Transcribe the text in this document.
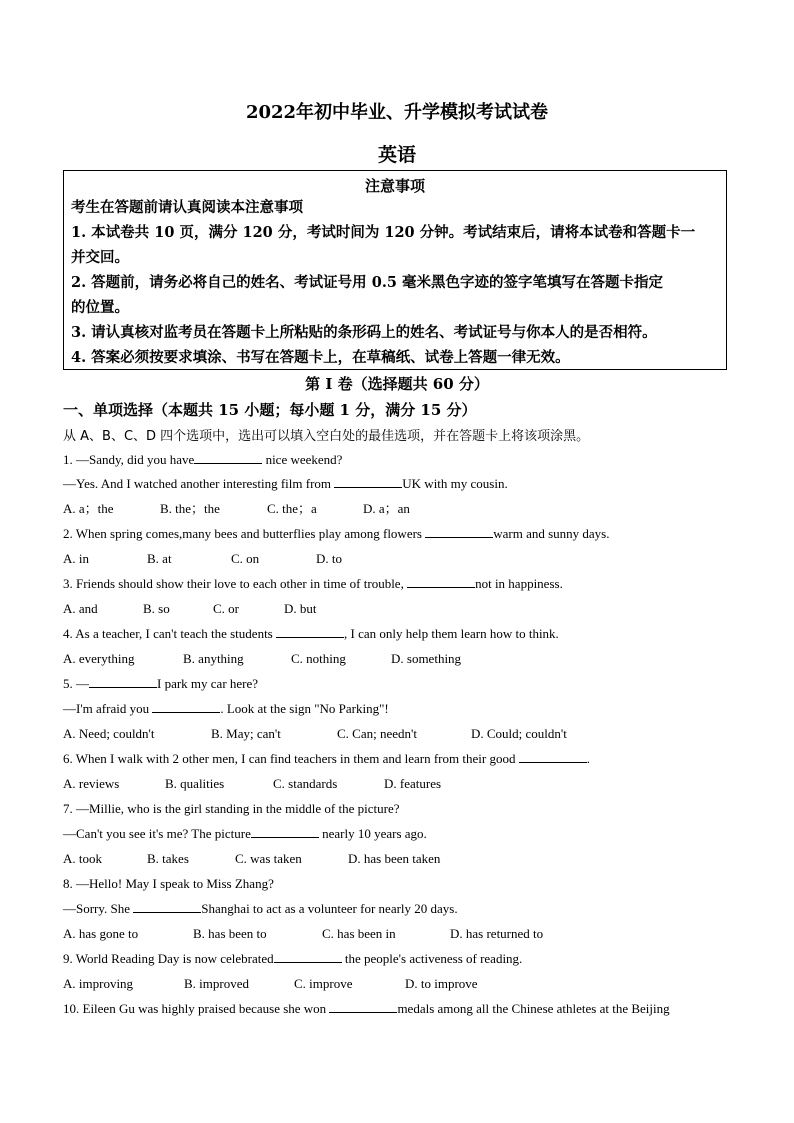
2022年初中毕业、升学模拟考试试卷
英语
注意事项
考生在答题前请认真阅读本注意事项
1. 本试卷共 10 页，满分 120 分，考试时间为 120 分钟。考试结束后，请将本试卷和答题卡一
并交回。
2. 答题前，请务必将自己的姓名、考试证号用 0.5 毫米黑色字迹的签字笔填写在答题卡指定
的位置。
3. 请认真核对监考员在答题卡上所粘贴的条形码上的姓名、考试证号与你本人的是否相符。
4. 答案必须按要求填涂、书写在答题卡上，在草稿纸、试卷上答题一律无效。
第 I 卷（选择题共 60 分）
一、单项选择（本题共 15 小题；每小题 1 分，满分 15 分）
从 A、B、C、D 四个选项中，选出可以填入空白处的最佳选项，并在答题卡上将该项涂黑。
1. —Sandy, did you have	nice weekend?
—Yes. And I watched another interesting film from	UK with my cousin.
A. a；the	B. the；the	C. the；a	D. a；an
2. When spring comes,many bees and butterflies play among flowers	warm and sunny days.
A. in	B. at	C. on	D. to
3. Friends should show their love to each other in time of trouble,	not in happiness.
A. and	B. so	C. or	D. but
4. As a teacher, I can't teach the students	, I can only help them learn how to think.
A. everything	B. anything	C. nothing	D. something
5. —	I park my car here?
—I'm afraid you	. Look at the sign "No Parking"!
A. Need; couldn't	B. May; can't	C. Can; needn't	D. Could; couldn't
6. When I walk with 2 other men, I can find teachers in them and learn from their good	.
A. reviews	B. qualities	C. standards	D. features
7. —Millie, who is the girl standing in the middle of the picture?
—Can't you see it's me? The picture	nearly 10 years ago.
A. took	B. takes	C. was taken	D. has been taken
8. —Hello! May I speak to Miss Zhang?
—Sorry. She	Shanghai to act as a volunteer for nearly 20 days.
A. has gone to	B. has been to	C. has been in	D. has returned to
9. World Reading Day is now celebrated	the people's activeness of reading.
A. improving	B. improved	C. improve	D. to improve
10. Eileen Gu was highly praised because she won	medals among all the Chinese athletes at the Beijing
